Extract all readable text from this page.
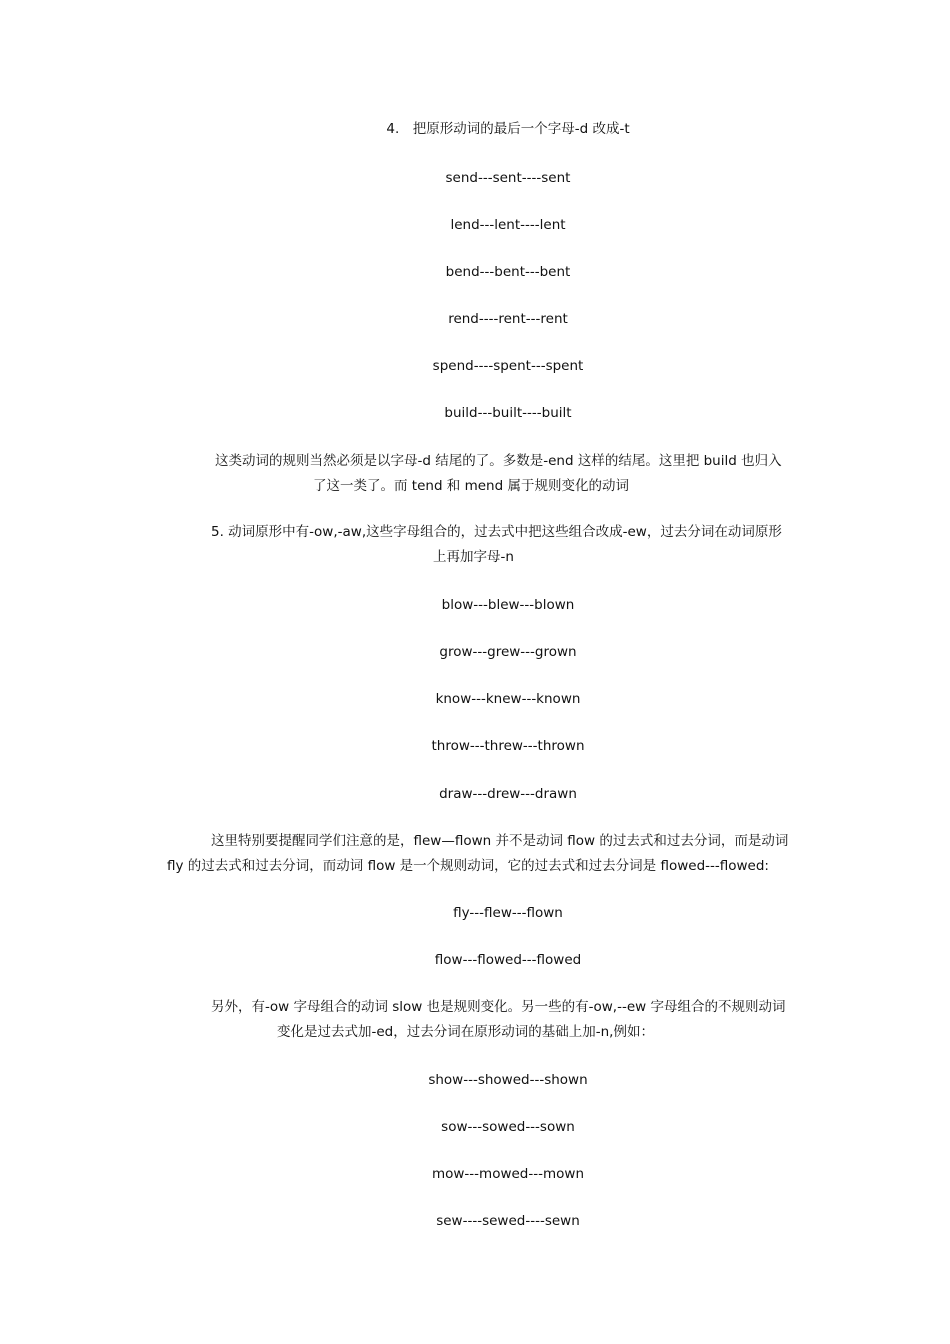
4.　把原形动词的最后一个字母-d 改成-t
send---sent----sent
lend---lent----lent
bend---bent---bent
rend----rent---rent
spend----spent---spent
build---built----built
这类动词的规则当然必须是以字母-d 结尾的了。多数是-end 这样的结尾。这里把 build 也归入
了这一类了。而 tend 和 mend 属于规则变化的动词
5. 动词原形中有-ow,-aw,这些字母组合的，过去式中把这些组合改成-ew，过去分词在动词原形
上再加字母-n
blow---blew---blown
grow---grew---grown
know---knew---known
throw---threw---thrown
draw---drew---drawn
这里特别要提醒同学们注意的是，flew—flown 并不是动词 flow 的过去式和过去分词，而是动词
fly 的过去式和过去分词，而动词 flow 是一个规则动词，它的过去式和过去分词是 flowed---flowed:
fly---flew---flown
flow---flowed---flowed
另外，有-ow 字母组合的动词 slow 也是规则变化。另一些的有-ow,--ew 字母组合的不规则动词
变化是过去式加-ed，过去分词在原形动词的基础上加-n,例如：
show---showed---shown
sow---sowed---sown
mow---mowed---mown
sew----sewed----sewn
